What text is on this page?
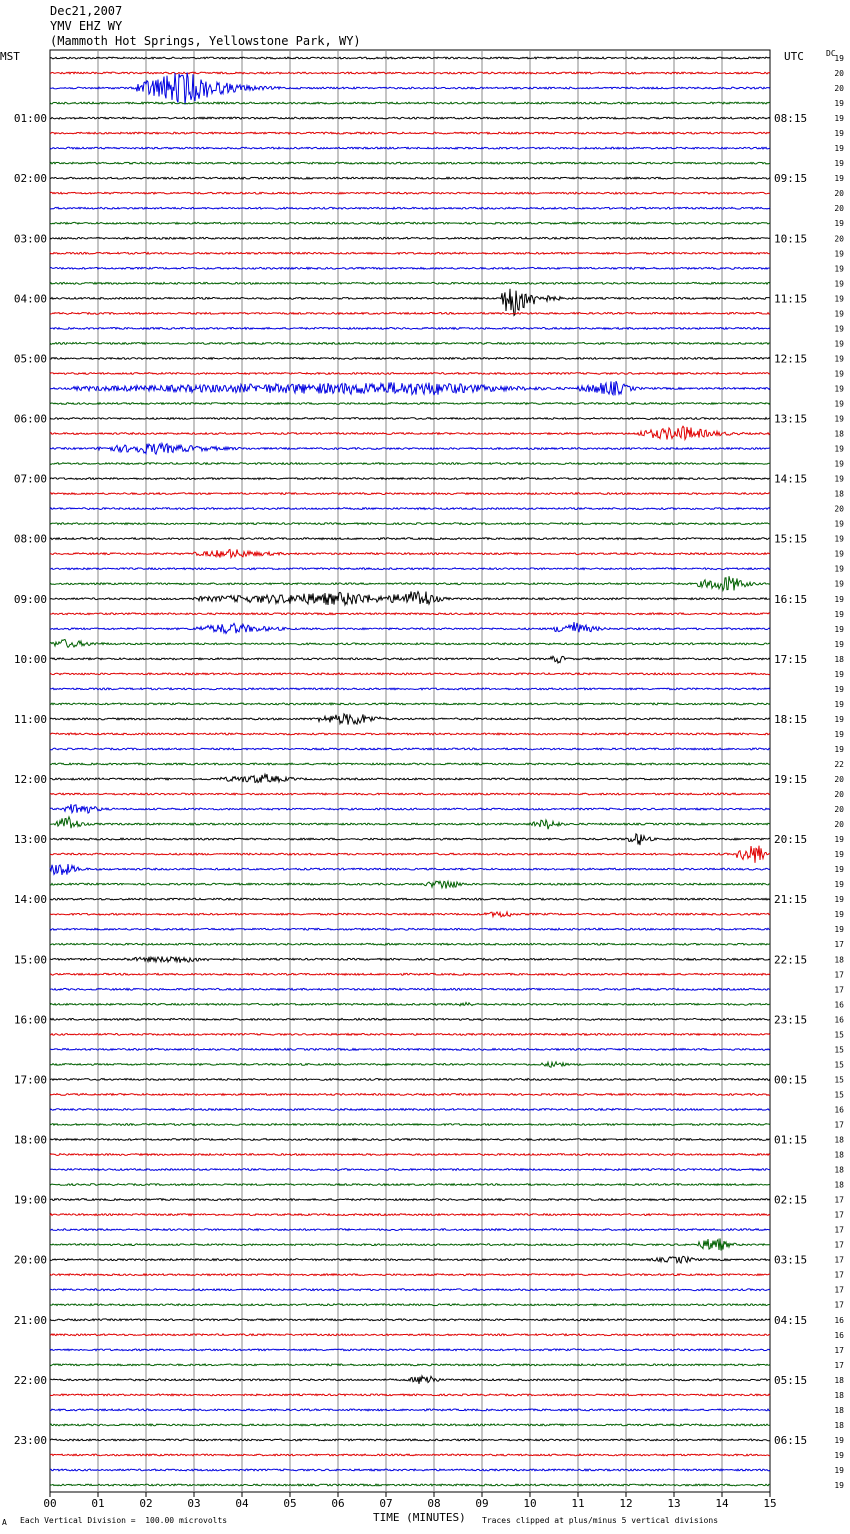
Dec21,2007
YMV EHZ WY
(Mammoth Hot Springs, Yellowstone Park, WY)
MST	UTC	DC
00	01	02	03	04	05	06	07	08	09	10	11	12	13	14	15
19
20
20
19
19
19
19
19
19
20
20
19
20
19
19
19
19
19
19
19
19
19
19
19
19
18
19
19
19
18
20
19
19
19
19
19
19
19
19
19
18
19
19
19
19
19
19
22
20
20
20
20
19
19
19
19
19
19
19
17
18
17
17
16
16
15
15
15
15
15
16
17
18
18
18
18
17
17
17
17
17
17
17
17
16
16
17
17
18
18
18
18
19
19
19
19
01:00
02:00
03:00
04:00
05:00
06:00
07:00
08:00
09:00
10:00
11:00
12:00
13:00
14:00
15:00
16:00
17:00
18:00
19:00
20:00
21:00
22:00
23:00
08:15
09:15
10:15
11:15
12:15
13:15
14:15
15:15
16:15
17:15
18:15
19:15
20:15
21:15
22:15
23:15
00:15
01:15
02:15
03:15
04:15
05:15
06:15
TIME (MINUTES)
Each Vertical Division =  100.00 microvolts	Traces clipped at plus/minus 5 vertical divisions
A
